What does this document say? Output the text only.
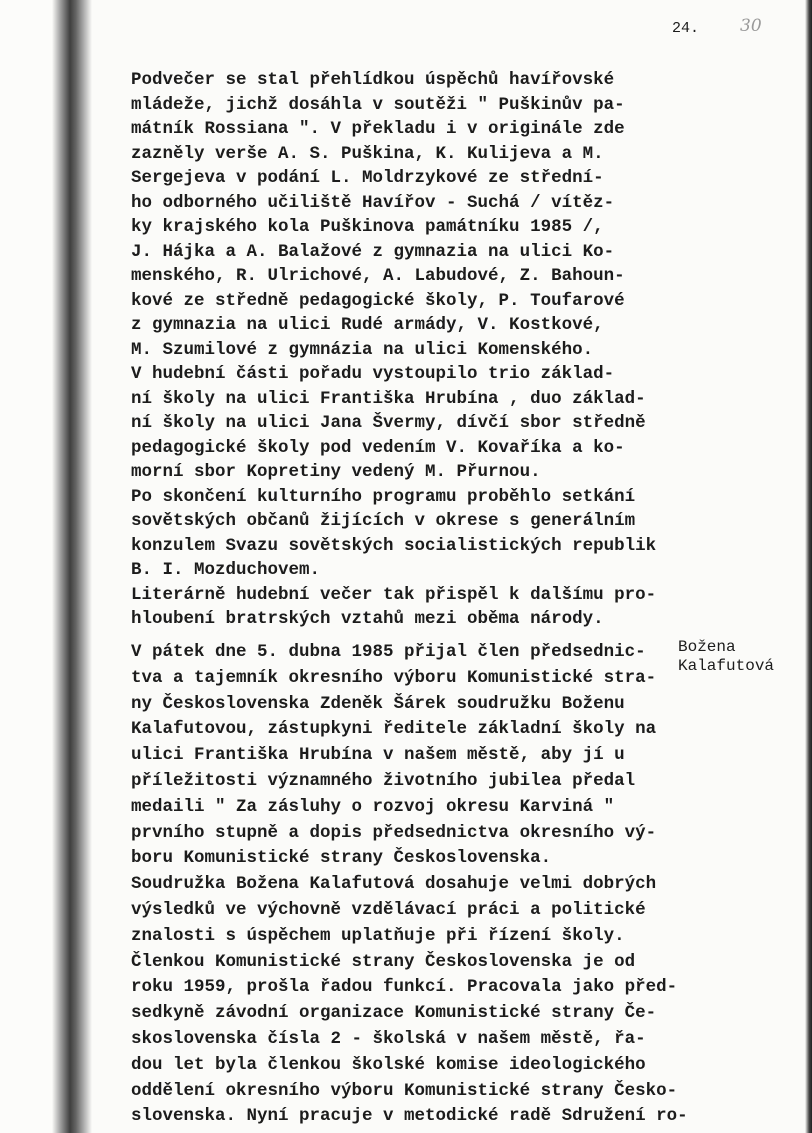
24. 30
Podvečer se stal přehlídkou úspěchů havířovské
mládeže, jichž dosáhla v soutěži " Puškinův pa-
mátník Rossiana ". V překladu i v originále zde
zazněly verše A. S. Puškina, K. Kulijeva a M.
Sergejeva v podání L. Moldrzykové ze střední-
ho odborného učiliště Havířov - Suchá / vítěz-
ky krajského kola Puškinova památníku 1985 /,
J. Hájka a A. Balažové z gymnazia na ulici Ko-
menského, R. Ulrichové, A. Labudové, Z. Bahoun-
kové ze středně pedagogické školy, P. Toufarové
z gymnazia na ulici Rudé armády, V. Kostkové,
M. Szumilové z gymnázia na ulici Komenského.
V hudební části pořadu vystoupilo trio základ-
ní školy na ulici Františka Hrubína , duo základ-
ní školy na ulici Jana Švermy, dívčí sbor středně
pedagogické školy pod vedením V. Kovaříka a ko-
morní sbor Kopretiny vedený M. Přurnou.
Po skončení kulturního programu proběhlo setkání
sovětských občanů žijících v okrese s generálním
konzulem Svazu sovětských socialistických republik
B. I. Mozduchovem.
Literárně hudební večer tak přispěl k dalšímu pro-
hloubení bratrských vztahů mezi oběma národy.
V pátek dne 5. dubna 1985 přijal člen předsednic-
tva a tajemník okresního výboru Komunistické stra-
ny Československa Zdeněk Šárek soudružku Boženu
Kalafutovou, zástupkyni ředitele základní školy na
ulici Františka Hrubína v našem městě, aby jí u
příležitosti významného životního jubilea předal
medaili " Za zásluhy o rozvoj okresu Karviná "
prvního stupně a dopis předsednictva okresního vý-
boru Komunistické strany Československa.
Soudružka Božena Kalafutová dosahuje velmi dobrých
výsledků ve výchovně vzdělávací práci a politické
znalosti s úspěchem uplatňuje při řízení školy.
Členkou Komunistické strany Československa je od
roku 1959, prošla řadou funkcí. Pracovala jako před-
sedkyně závodní organizace Komunistické strany Če-
skoslovenska čísla 2 - školská v našem městě, řa-
dou let byla členkou školské komise ideologického
oddělení okresního výboru Komunistické strany Česko-
slovenska. Nyní pracuje v metodické radě Sdružení ro-
Božena
Kalafutová
